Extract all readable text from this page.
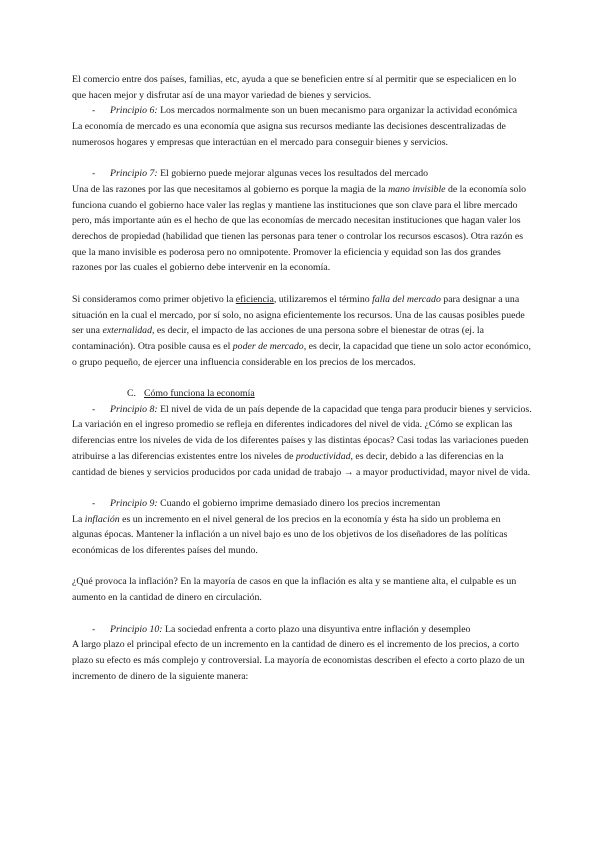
El comercio entre dos países, familias, etc, ayuda a que se beneficien entre sí al permitir que se especialicen en lo que hacen mejor y disfrutar así de una mayor variedad de bienes y servicios.

- Principio 6: Los mercados normalmente son un buen mecanismo para organizar la actividad económica

La economía de mercado es una economía que asigna sus recursos mediante las decisiones descentralizadas de numerosos hogares y empresas que interactúan en el mercado para conseguir bienes y servicios.

- Principio 7: El gobierno puede mejorar algunas veces los resultados del mercado

Una de las razones por las que necesitamos al gobierno es porque la magia de la mano invisible de la economía solo funciona cuando el gobierno hace valer las reglas y mantiene las instituciones que son clave para el libre mercado pero, más importante aún es el hecho de que las economías de mercado necesitan instituciones que hagan valer los derechos de propiedad (habilidad que tienen las personas para tener o controlar los recursos escasos). Otra razón es que la mano invisible es poderosa pero no omnipotente. Promover la eficiencia y equidad son las dos grandes razones por las cuales el gobierno debe intervenir en la economía.

Si consideramos como primer objetivo la eficiencia, utilizaremos el término falla del mercado para designar a una situación en la cual el mercado, por sí solo, no asigna eficientemente los recursos. Una de las causas posibles puede ser una externalidad, es decir, el impacto de las acciones de una persona sobre el bienestar de otras (ej. la contaminación). Otra posible causa es el poder de mercado, es decir, la capacidad que tiene un solo actor económico, o grupo pequeño, de ejercer una influencia considerable en los precios de los mercados.

C. Cómo funciona la economía
- Principio 8: El nivel de vida de un país depende de la capacidad que tenga para producir bienes y servicios.

La variación en el ingreso promedio se refleja en diferentes indicadores del nivel de vida. ¿Cómo se explican las diferencias entre los niveles de vida de los diferentes países y las distintas épocas? Casi todas las variaciones pueden atribuirse a las diferencias existentes entre los niveles de productividad, es decir, debido a las diferencias en la cantidad de bienes y servicios producidos por cada unidad de trabajo → a mayor productividad, mayor nivel de vida.

- Principio 9: Cuando el gobierno imprime demasiado dinero los precios incrementan

La inflación es un incremento en el nivel general de los precios en la economía y ésta ha sido un problema en algunas épocas. Mantener la inflación a un nivel bajo es uno de los objetivos de los diseñadores de las políticas económicas de los diferentes países del mundo.

¿Qué provoca la inflación? En la mayoría de casos en que la inflación es alta y se mantiene alta, el culpable es un aumento en la cantidad de dinero en circulación.

- Principio 10: La sociedad enfrenta a corto plazo una disyuntiva entre inflación y desempleo

A largo plazo el principal efecto de un incremento en la cantidad de dinero es el incremento de los precios, a corto plazo su efecto es más complejo y controversial. La mayoría de economistas describen el efecto a corto plazo de un incremento de dinero de la siguiente manera:
